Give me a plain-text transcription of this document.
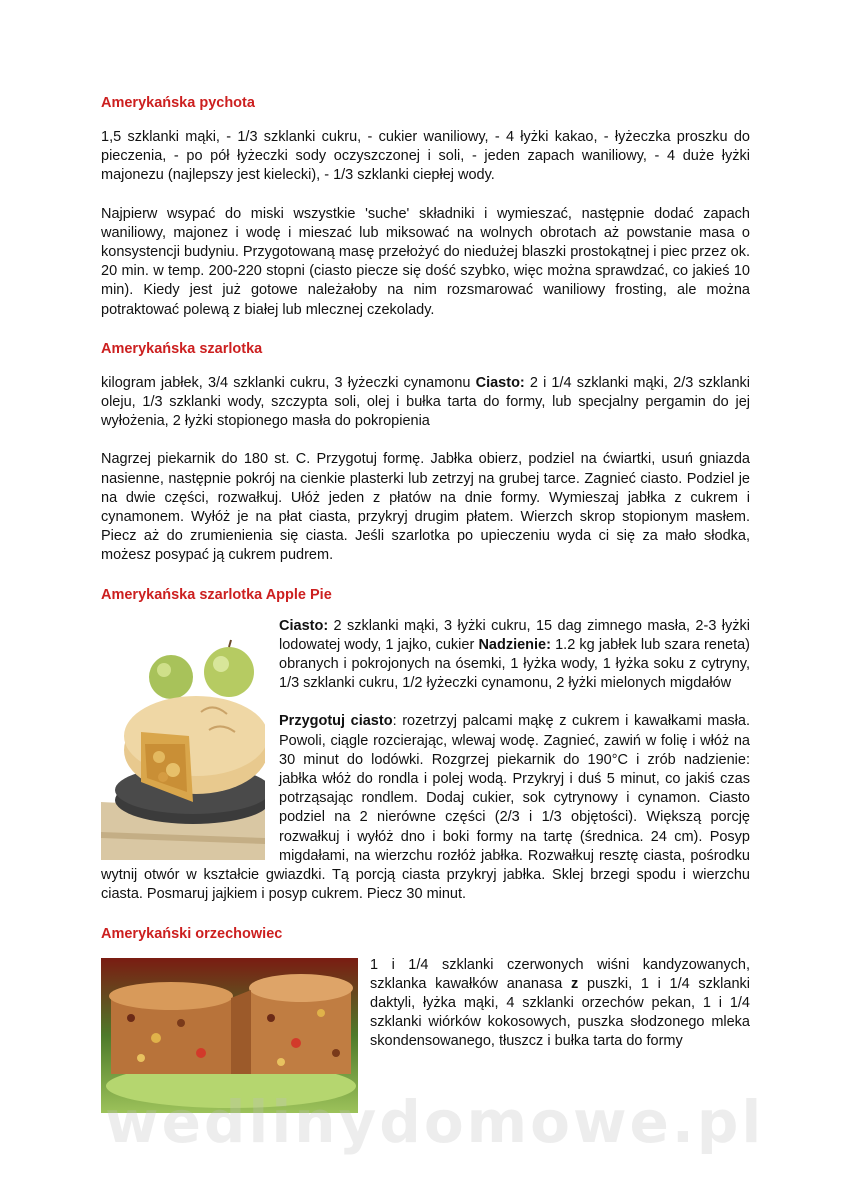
Amerykańska pychota

1,5 szklanki mąki, - 1/3 szklanki cukru, - cukier waniliowy, - 4 łyżki kakao, - łyżeczka proszku do pieczenia, - po pół łyżeczki sody oczyszczonej i soli, - jeden zapach waniliowy, - 4 duże łyżki majonezu (najlepszy jest kielecki), - 1/3 szklanki ciepłej wody.

Najpierw wsypać do miski wszystkie 'suche' składniki i wymieszać, następnie dodać zapach waniliowy, majonez i wodę i mieszać lub miksować na wolnych obrotach aż powstanie masa o konsystencji budyniu. Przygotowaną masę przełożyć do niedużej blaszki prostokątnej i piec przez ok. 20 min. w temp. 200-220 stopni (ciasto piecze się dość szybko, więc można sprawdzać, co jakieś 10 min). Kiedy jest już gotowe należałoby na nim rozsmarować waniliowy frosting, ale można potraktować polewą z białej lub mlecznej czekolady.

Amerykańska szarlotka

kilogram jabłek, 3/4 szklanki cukru, 3 łyżeczki cynamonu Ciasto: 2 i 1/4 szklanki mąki, 2/3 szklanki oleju, 1/3 szklanki wody, szczypta soli, olej i bułka tarta do formy, lub specjalny pergamin do jej wyłożenia, 2 łyżki stopionego masła do pokropienia

Nagrzej piekarnik do 180 st. C. Przygotuj formę. Jabłka obierz, podziel na ćwiartki, usuń gniazda nasienne, następnie pokrój na cienkie plasterki lub zetrzyj na grubej tarce. Zagnieć ciasto. Podziel je na dwie części, rozwałkuj. Ułóż jeden z płatów na dnie formy. Wymieszaj jabłka z cukrem i cynamonem. Wyłóż je na płat ciasta, przykryj drugim płatem. Wierzch skrop stopionym masłem. Piecz aż do zrumienienia się ciasta. Jeśli szarlotka po upieczeniu wyda ci się za mało słodka, możesz posypać ją cukrem pudrem.

Amerykańska szarlotka Apple Pie

Ciasto: 2 szklanki mąki, 3 łyżki cukru, 15 dag zimnego masła, 2-3 łyżki lodowatej wody, 1 jajko, cukier Nadzienie: 1.2 kg jabłek lub szara reneta) obranych i pokrojonych na ósemki, 1 łyżka wody, 1 łyżka soku z cytryny, 1/3 szklanki cukru, 1/2 łyżeczki cynamonu, 2 łyżki mielonych migdałów

Przygotuj ciasto: rozetrzyj palcami mąkę z cukrem i kawałkami masła. Powoli, ciągle rozcierając, wlewaj wodę. Zagnieć, zawiń w folię i włóż na 30 minut do lodówki. Rozgrzej piekarnik do 190°C i zrób nadzienie: jabłka włóż do rondla i polej wodą. Przykryj i duś 5 minut, co jakiś czas potrząsając rondlem. Dodaj cukier, sok cytrynowy i cynamon. Ciasto podziel na 2 nierówne części (2/3 i 1/3 objętości). Większą porcję rozwałkuj i wyłóż dno i boki formy na tartę (średnica. 24 cm). Posyp migdałami, na wierzchu rozłóż jabłka. Rozwałkuj resztę ciasta, pośrodku wytnij otwór w kształcie gwiazdki. Tą porcją ciasta przykryj jabłka. Sklej brzegi spodu i wierzchu ciasta. Posmaruj jajkiem i posyp cukrem. Piecz 30 minut.

Amerykański orzechowiec

1 i 1/4 szklanki czerwonych wiśni kandyzowanych, szklanka kawałków ananasa z puszki, 1 i 1/4 szklanki daktyli, łyżka mąki, 4 szklanki orzechów pekan, 1 i 1/4 szklanki wiórków kokosowych, puszka słodzonego mleka skondensowanego, tłuszcz i bułka tarta do formy

wedlinydomowe.pl
